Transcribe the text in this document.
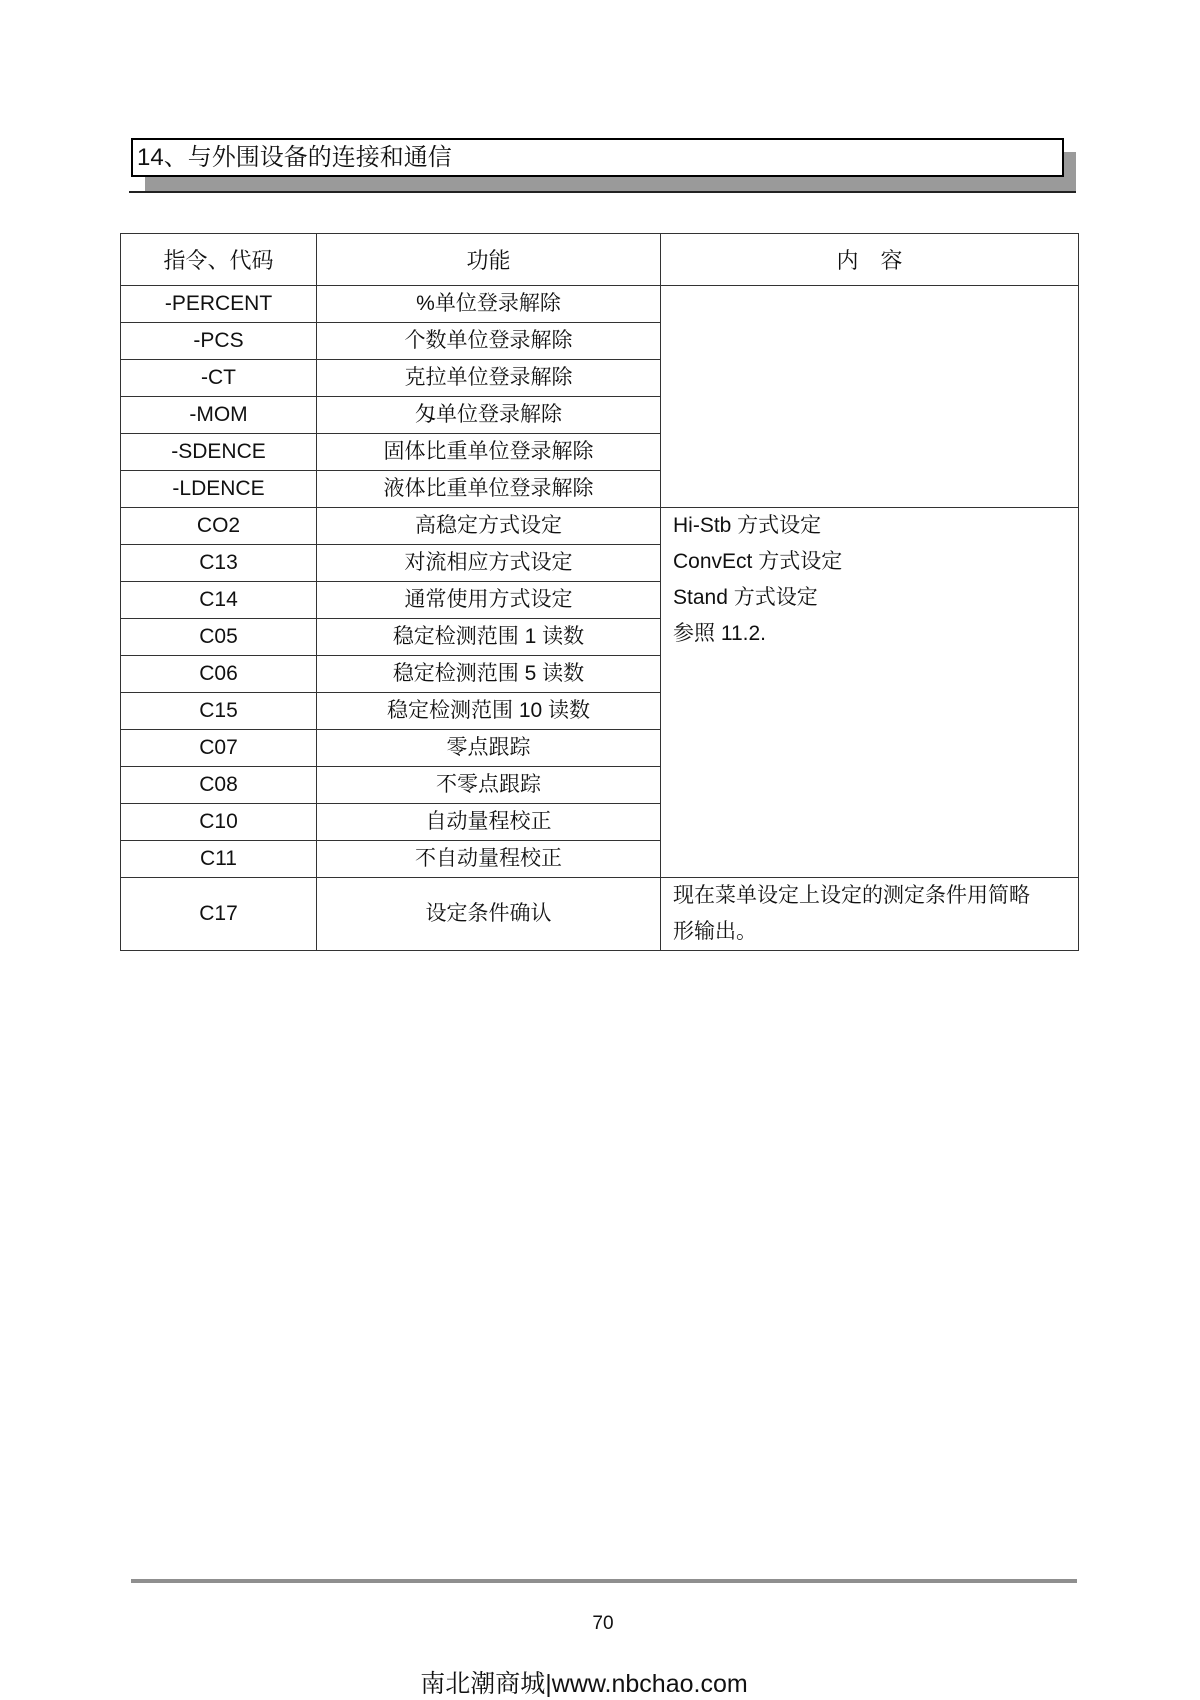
14、与外围设备的连接和通信
指令、代码	功能	内　容
-PERCENT	%单位登录解除	
-PCS	个数单位登录解除	
-CT	克拉单位登录解除	
-MOM	匁单位登录解除	
-SDENCE	固体比重单位登录解除	
-LDENCE	液体比重单位登录解除	
CO2	高稳定方式设定	Hi-Stb 方式设定
ConvEct 方式设定
Stand 方式设定
参照 11.2.

C13	对流相应方式设定	
C14	通常使用方式设定	
C05	稳定检测范围 1 读数	
C06	稳定检测范围 5 读数	
C15	稳定检测范围 10 读数	
C07	零点跟踪	
C08	不零点跟踪	
C10	自动量程校正	
C11	不自动量程校正	
C17	设定条件确认	现在菜单设定上设定的测定条件用简略
形输出。
70
南北潮商城|www.nbchao.com
